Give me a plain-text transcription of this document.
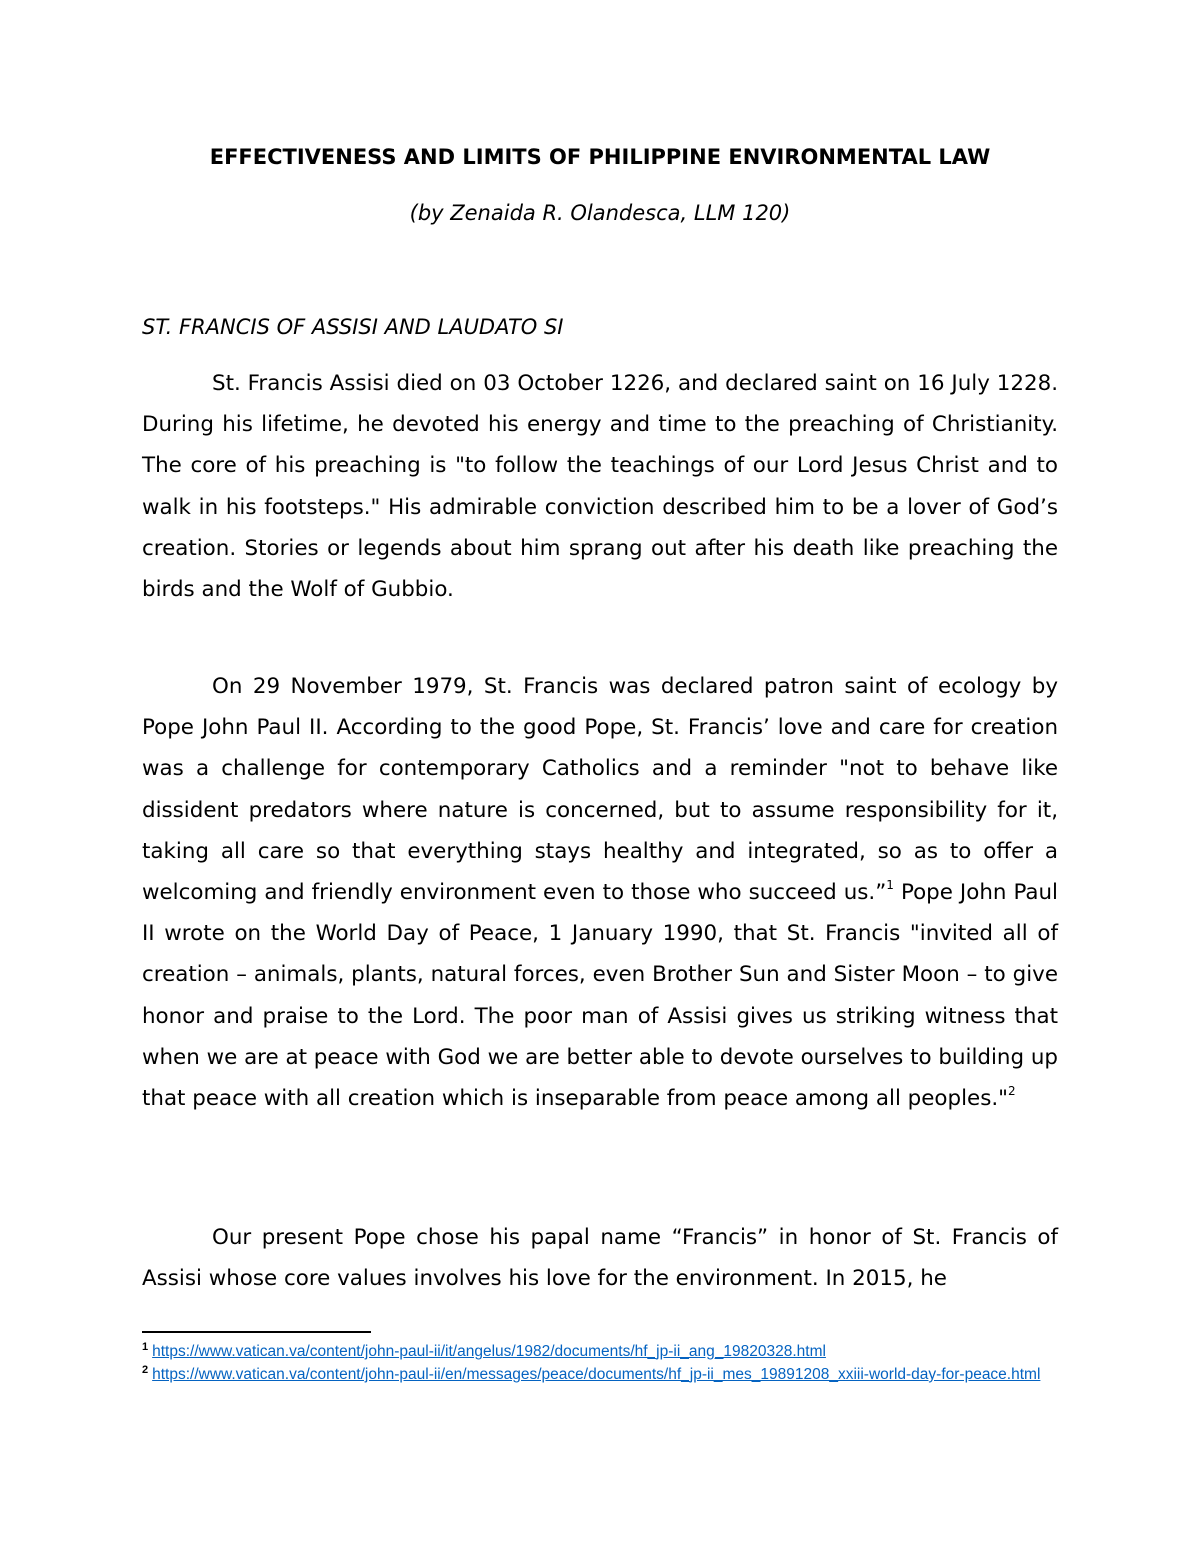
EFFECTIVENESS AND LIMITS OF PHILIPPINE ENVIRONMENTAL LAW
(by Zenaida R. Olandesca, LLM 120)
ST. FRANCIS OF ASSISI AND LAUDATO SI

St. Francis Assisi died on 03 October 1226, and declared saint on 16 July 1228. During his lifetime, he devoted his energy and time to the preaching of Christianity. The core of his preaching is "to follow the teachings of our Lord Jesus Christ and to walk in his footsteps." His admirable conviction described him to be a lover of God’s creation. Stories or legends about him sprang out after his death like preaching the birds and the Wolf of Gubbio.

On 29 November 1979, St. Francis was declared patron saint of ecology by Pope John Paul II. According to the good Pope, St. Francis’ love and care for creation was a challenge for contemporary Catholics and a reminder "not to behave like dissident predators where nature is concerned, but to assume responsibility for it, taking all care so that everything stays healthy and integrated, so as to offer a welcoming and friendly environment even to those who succeed us.”$^1$ Pope John Paul II wrote on the World Day of Peace, 1 January 1990, that St. Francis "invited all of creation – animals, plants, natural forces, even Brother Sun and Sister Moon – to give honor and praise to the Lord. The poor man of Assisi gives us striking witness that when we are at peace with God we are better able to devote ourselves to building up that peace with all creation which is inseparable from peace among all peoples."$^2$

Our present Pope chose his papal name “Francis” in honor of St. Francis of Assisi whose core values involves his love for the environment. In 2015, he

$^1$ https://www.vatican.va/content/john-paul-ii/it/angelus/1982/documents/hf_jp-ii_ang_19820328.html

$^2$ https://www.vatican.va/content/john-paul-ii/en/messages/peace/documents/hf_jp-ii_mes_19891208_xxiii-world-day-for-peace.html
